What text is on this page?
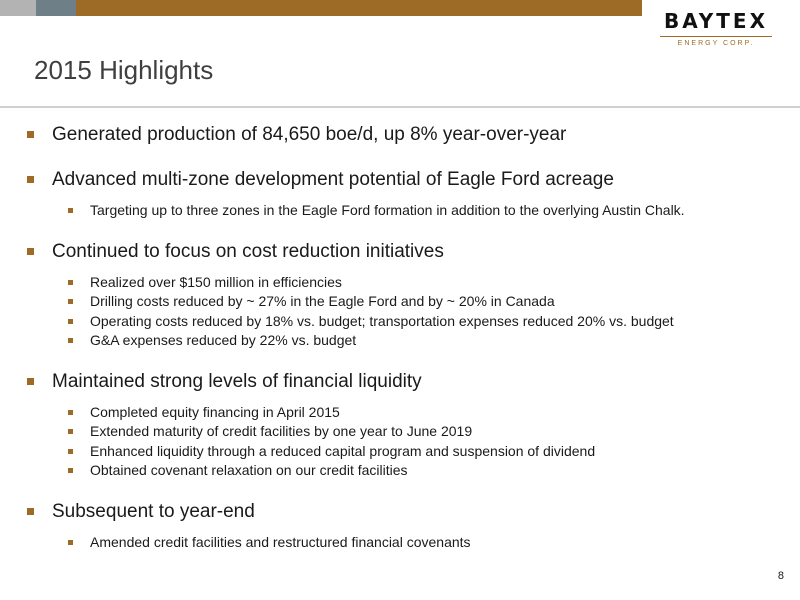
BAYTEX
ENERGY CORP.
2015 Highlights
Generated production of 84,650 boe/d, up 8% year-over-year
Advanced multi-zone development potential of Eagle Ford acreage
Targeting up to three zones in the Eagle Ford formation in addition to the overlying Austin Chalk.
Continued to focus on cost reduction initiatives
Realized over $150 million in efficiencies
Drilling costs reduced by ~ 27% in the Eagle Ford and by ~ 20% in Canada
Operating costs reduced by 18% vs. budget; transportation expenses reduced 20% vs. budget
G&A expenses reduced by 22% vs. budget
Maintained strong levels of financial liquidity
Completed equity financing in April 2015
Extended maturity of credit facilities by one year to June 2019
Enhanced liquidity through a reduced capital program and suspension of dividend
Obtained covenant relaxation on our credit facilities
Subsequent to year-end
Amended credit facilities and restructured financial covenants
8
